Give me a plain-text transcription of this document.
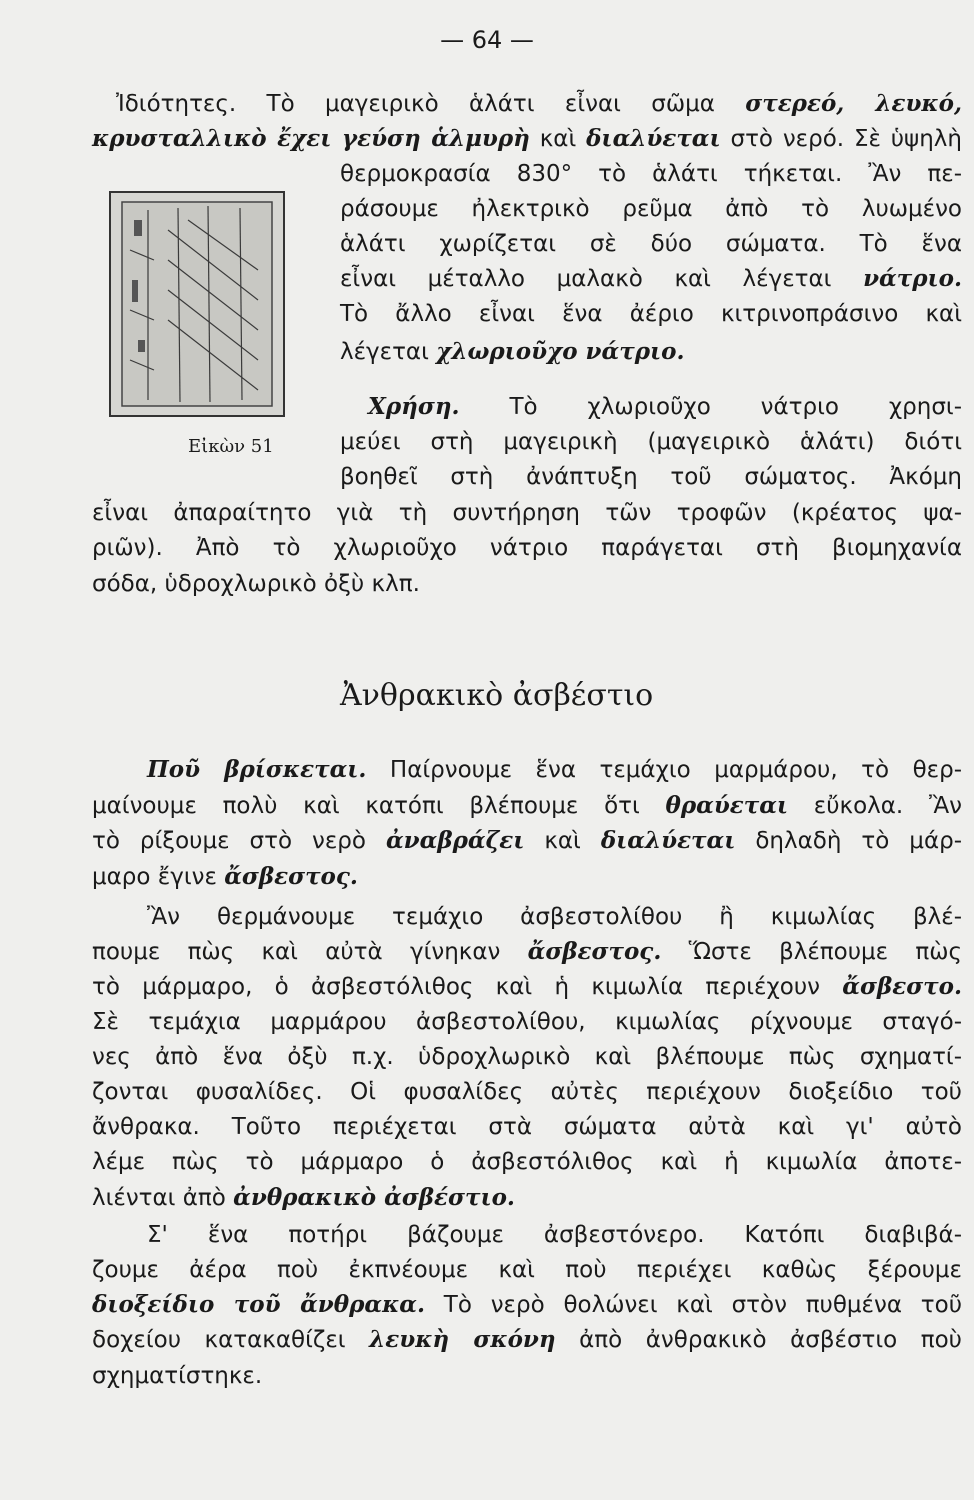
— 64 —
Εἰκὼν 51
Ἀνθρακικὸ ἀσβέστιο
Ἰδιότητες. Τὸ μαγειρικὸ ἁλάτι εἶναι σῶμα στερεό, λευκό,
κρυσταλλικὸ ἔχει γεύση ἁλμυρὴ καὶ διαλύεται στὸ νερό. Σὲ ὑψηλὴ
θερμοκρασία 830° τὸ ἁλάτι τήκεται. Ἂν πε-
ράσουμε ἠλεκτρικὸ ρεῦμα ἀπὸ τὸ λυωμένο
ἁλάτι χωρίζεται σὲ δύο σώματα. Τὸ ἕνα
εἶναι μέταλλο μαλακὸ καὶ λέγεται νάτριο.
Τὸ ἄλλο εἶναι ἕνα ἀέριο κιτρινοπράσινο καὶ
λέγεται χλωριοῦχο νάτριο.
Χρήση. Τὸ χλωριοῦχο νάτριο χρησι-
μεύει στὴ μαγειρικὴ (μαγειρικὸ ἁλάτι) διότι
βοηθεῖ στὴ ἀνάπτυξη τοῦ σώματος. Ἀκόμη
εἶναι ἀπαραίτητο γιὰ τὴ συντήρηση τῶν τροφῶν (κρέατος ψα-
ριῶν). Ἀπὸ τὸ χλωριοῦχο νάτριο παράγεται στὴ βιομηχανία
σόδα, ὑδροχλωρικὸ ὀξὺ κλπ.
Ποῦ βρίσκεται. Παίρνουμε ἕνα τεμάχιο μαρμάρου, τὸ θερ-
μαίνουμε πολὺ καὶ κατόπι βλέπουμε ὅτι θραύεται εὔκολα. Ἂν
τὸ ρίξουμε στὸ νερὸ ἀναβράζει καὶ διαλύεται δηλαδὴ τὸ μάρ-
μαρο ἔγινε ἄσβεστος.
Ἂν θερμάνουμε τεμάχιο ἀσβεστολίθου ἢ κιμωλίας βλέ-
πουμε πὼς καὶ αὐτὰ γίνηκαν ἄσβεστος. Ὥστε βλέπουμε πὼς
τὸ μάρμαρο, ὁ ἀσβεστόλιθος καὶ ἡ κιμωλία περιέχουν ἄσβεστο.
Σὲ τεμάχια μαρμάρου ἀσβεστολίθου, κιμωλίας ρίχνουμε σταγό-
νες ἀπὸ ἕνα ὀξὺ π.χ. ὑδροχλωρικὸ καὶ βλέπουμε πὼς σχηματί-
ζονται φυσαλίδες. Οἱ φυσαλίδες αὐτὲς περιέχουν διοξείδιο τοῦ
ἄνθρακα. Τοῦτο περιέχεται στὰ σώματα αὐτὰ καὶ γι' αὐτὸ
λέμε πὼς τὸ μάρμαρο ὁ ἀσβεστόλιθος καὶ ἡ κιμωλία ἀποτε-
λιένται ἀπὸ ἀνθρακικὸ ἀσβέστιο.
Σ' ἕνα ποτήρι βάζουμε ἀσβεστόνερο. Κατόπι διαβιβά-
ζουμε ἀέρα ποὺ ἐκπνέουμε καὶ ποὺ περιέχει καθὼς ξέρουμε
διοξείδιο τοῦ ἄνθρακα. Τὸ νερὸ θολώνει καὶ στὸν πυθμένα τοῦ
δοχείου κατακαθίζει λευκὴ σκόνη ἀπὸ ἀνθρακικὸ ἀσβέστιο ποὺ
σχηματίστηκε.
